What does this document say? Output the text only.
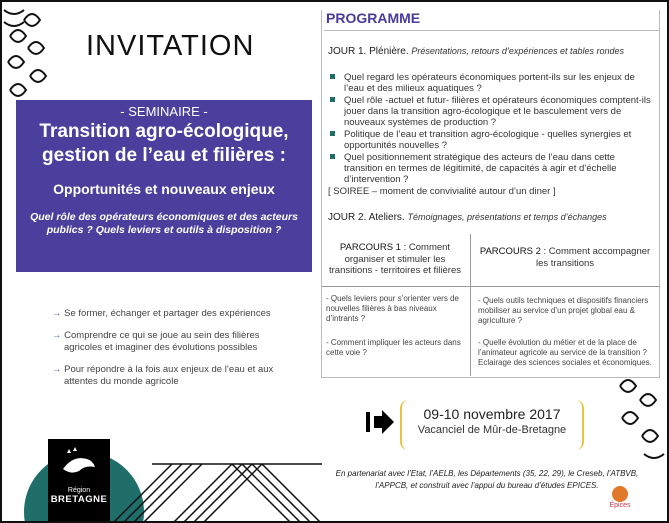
INVITATION
- SEMINAIRE -
Transition agro-écologique,
gestion de l’eau et filières :
Opportunités et nouveaux enjeux
Quel rôle des opérateurs économiques et des acteurs publics ? Quels leviers et outils à disposition ?
→ Se former, échanger et partager des expériences
→ Comprendre ce qui se joue au sein des filières agricoles et imaginer des évolutions possibles
→ Pour répondre à la fois aux enjeux de l’eau et aux attentes du monde agricole
Région
BRETAGNE
PROGRAMME
JOUR 1. Plénière. Présentations, retours d’expériences et tables rondes
Quel regard les opérateurs économiques portent-ils sur les enjeux de l’eau et des milieux aquatiques ?
Quel rôle -actuel et futur- filières et opérateurs économiques comptent-ils jouer dans la transition agro-écologique et le basculement vers de nouveaux systèmes de production ?
Politique de l’eau et transition agro-écologique - quelles synergies et opportunités nouvelles ?
Quel positionnement stratégique des acteurs de l’eau dans cette transition en termes de légitimité, de capacités à agir et d’échelle d’intervention ?
[ SOIREE – moment de convivialité autour d’un diner ]
JOUR 2. Ateliers. Témoignages, présentations et temps d’échanges
PARCOURS 1 : Comment organiser et stimuler les transitions - territoires et filières
- Quels leviers pour s’orienter vers de nouvelles filières à bas niveaux d’intrants ?
- Comment impliquer les acteurs dans cette voie ?
PARCOURS 2 : Comment accompagner les transitions
- Quels outils techniques et dispositifs financiers mobiliser au service d’un projet global eau & agriculture ?
- Quelle évolution du métier et de la place de l’animateur agricole au service de la transition ? Eclairage des sciences sociales et économiques.
09-10 novembre 2017
Vacanciel de Mûr-de-Bretagne
En partenariat avec l’Etat, l’AELB, les Départements (35, 22, 29), le Creseb, l’ATBVB, l’APPCB, et construit avec l’appui du bureau d’études EPICES.
Épices
